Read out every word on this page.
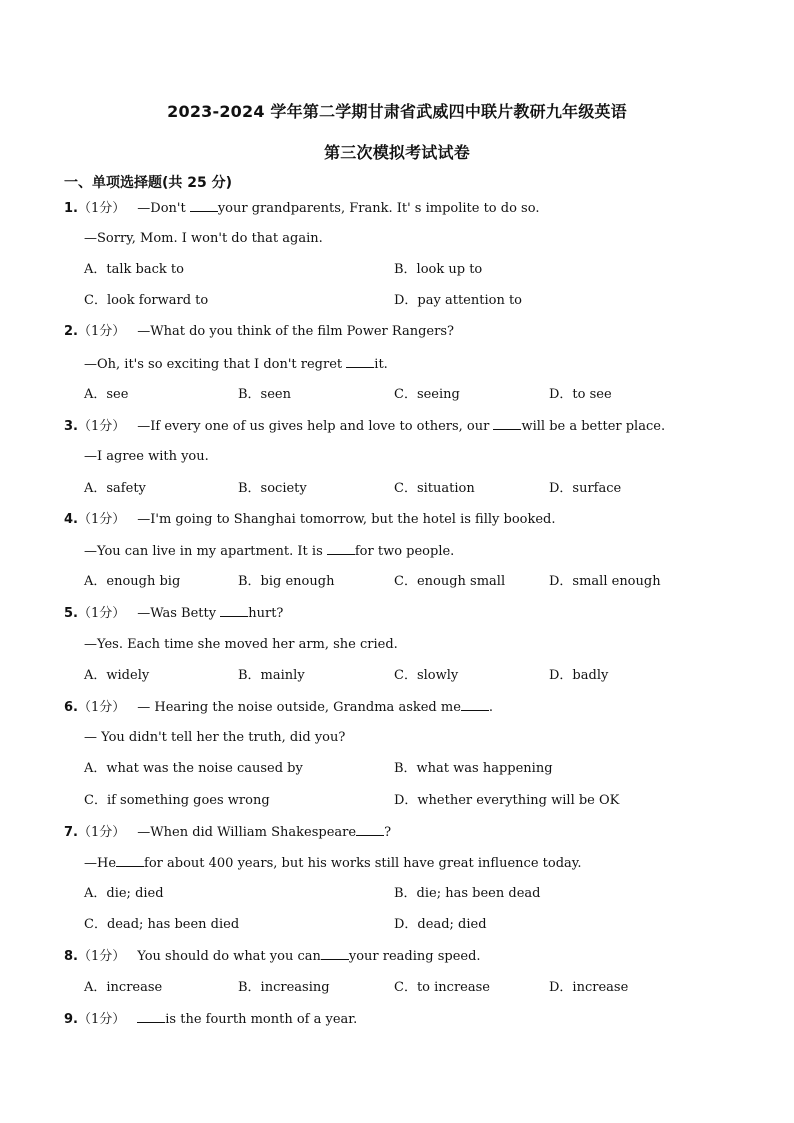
2023-2024 学年第二学期甘肃省武威四中联片教研九年级英语
第三次模拟考试试卷
一、单项选择题(共 25 分)
1.（1分） —Don't your grandparents, Frank. It' s impolite to do so.
—Sorry, Mom. I won't do that again.
A．talk back to	B．look up to
C．look forward to	D．pay attention to
2.（1分） —What do you think of the film Power Rangers?
—Oh, it's so exciting that I don't regret it.
A．see	B．seen	C．seeing	D．to see
3.（1分） —If every one of us gives help and love to others, our will be a better place.
—I agree with you.
A．safety	B．society	C．situation	D．surface
4.（1分） —I'm going to Shanghai tomorrow, but the hotel is filly booked.
—You can live in my apartment. It is for two people.
A．enough big	B．big enough	C．enough small	D．small enough
5.（1分） —Was Betty hurt?
—Yes. Each time she moved her arm, she cried.
A．widely	B．mainly	C．slowly	D．badly
6.（1分） — Hearing the noise outside, Grandma asked me .
— You didn't tell her the truth, did you?
A．what was the noise caused by	B．what was happening
C．if something goes wrong	D．whether everything will be OK
7.（1分） —When did William Shakespeare ?
—He for about 400 years, but his works still have great influence today.
A．die; died	B．die; has been dead
C．dead; has been died	D．dead; died
8.（1分） You should do what you can your reading speed.
A．increase	B．increasing	C．to increase	D．increase
9.（1分）	is the fourth month of a year.
